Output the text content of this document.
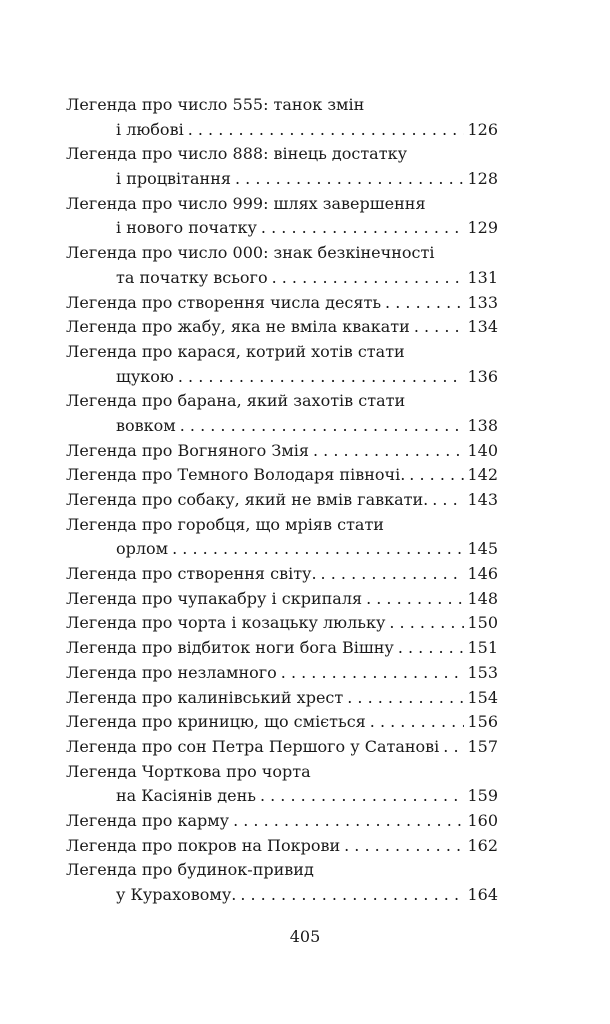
Легенда про число 555: танок змін
і любові . . .	126
Легенда про число 888: вінець достатку
і процвітання . . .	128
Легенда про число 999: шлях завершення
і нового початку . . .	129
Легенда про число 000: знак безкінечності
та початку всього . . .	131
Легенда про створення числа десять . . .	133
Легенда про жабу, яка не вміла квакати . . .	134
Легенда про карася, котрий хотів стати
щукою . . .	136
Легенда про барана, який захотів стати
вовком . . .	138
Легенда про Вогняного Змія . . .	140
Легенда про Темного Володаря півночі. . . .	142
Легенда про собаку, який не вмів гавкати. . . . 143
Легенда про горобця, що мріяв стати
орлом . . .	145
Легенда про створення світу. . . .	146
Легенда про чупакабру і скрипаля . . .	148
Легенда про чорта і козацьку люльку . . .	150
Легенда про відбиток ноги бога Вішну . . .	151
Легенда про незламного . . .	153
Легенда про калинівський хрест . . .	154
Легенда про криницю, що сміється . . .	156
Легенда про сон Петра Першого у Сатанові . . . 157
Легенда Чорткова про чорта
на Касіянів день . . .	159
Легенда про карму . . .	160
Легенда про покров на Покрови . . .	162
Легенда про будинок-привид
у Кураховому. . . .	164
405
